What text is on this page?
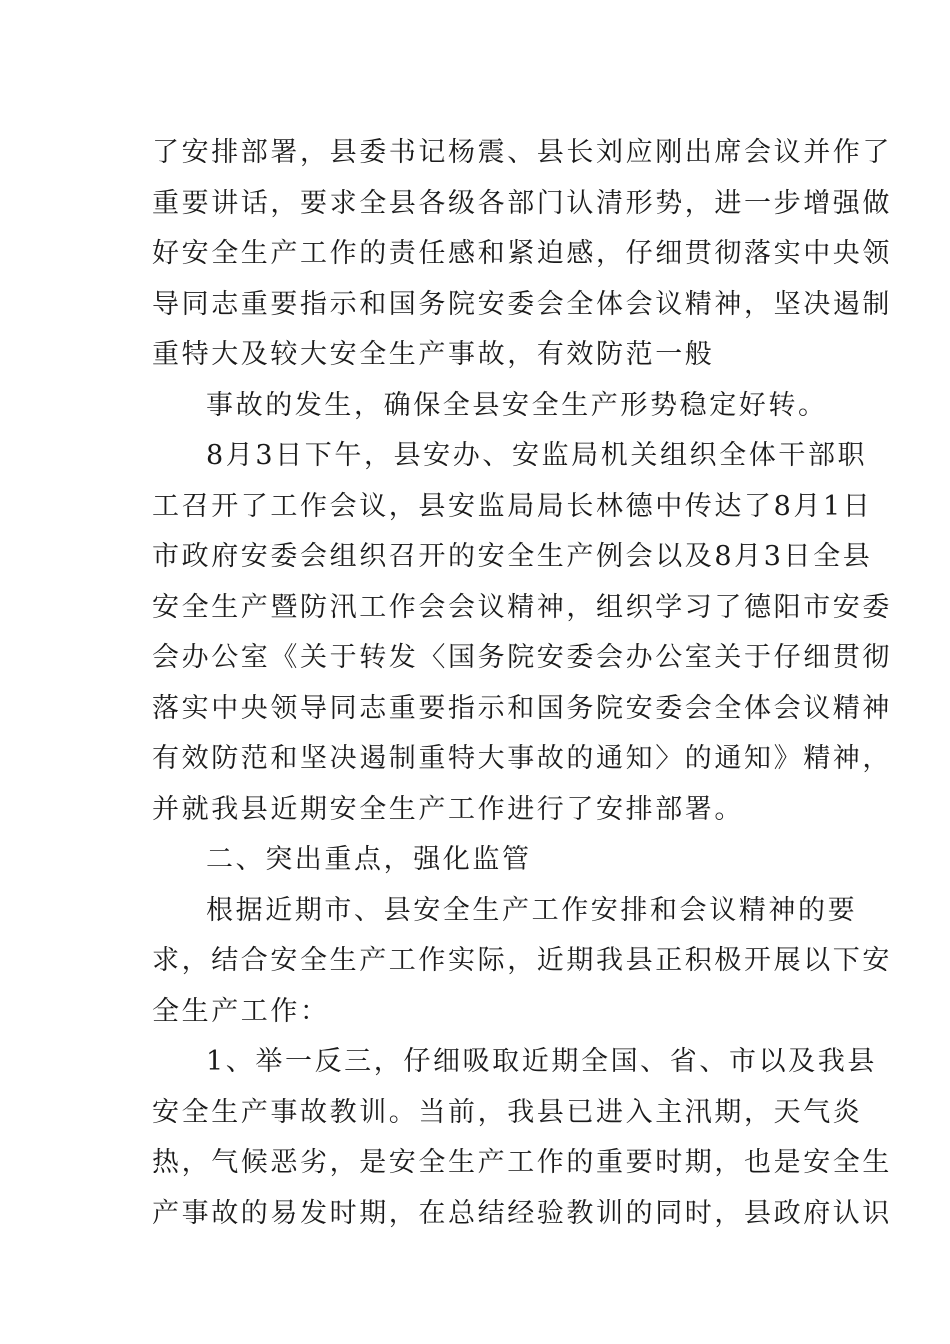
了安排部署，县委书记杨震、县长刘应刚出席会议并作了
重要讲话，要求全县各级各部门认清形势，进一步增强做
好安全生产工作的责任感和紧迫感，仔细贯彻落实中央领
导同志重要指示和国务院安委会全体会议精神，坚决遏制
重特大及较大安全生产事故，有效防范一般
事故的发生，确保全县安全生产形势稳定好转。
8月3日下午，县安办、安监局机关组织全体干部职
工召开了工作会议，县安监局局长林德中传达了8月1日
市政府安委会组织召开的安全生产例会以及8月3日全县
安全生产暨防汛工作会会议精神，组织学习了德阳市安委
会办公室《关于转发〈国务院安委会办公室关于仔细贯彻
落实中央领导同志重要指示和国务院安委会全体会议精神
有效防范和坚决遏制重特大事故的通知〉的通知》精神，
并就我县近期安全生产工作进行了安排部署。
二、突出重点，强化监管
根据近期市、县安全生产工作安排和会议精神的要
求，结合安全生产工作实际，近期我县正积极开展以下安
全生产工作：
1、举一反三，仔细吸取近期全国、省、市以及我县
安全生产事故教训。当前，我县已进入主汛期，天气炎
热，气候恶劣，是安全生产工作的重要时期，也是安全生
产事故的易发时期，在总结经验教训的同时，县政府认识
